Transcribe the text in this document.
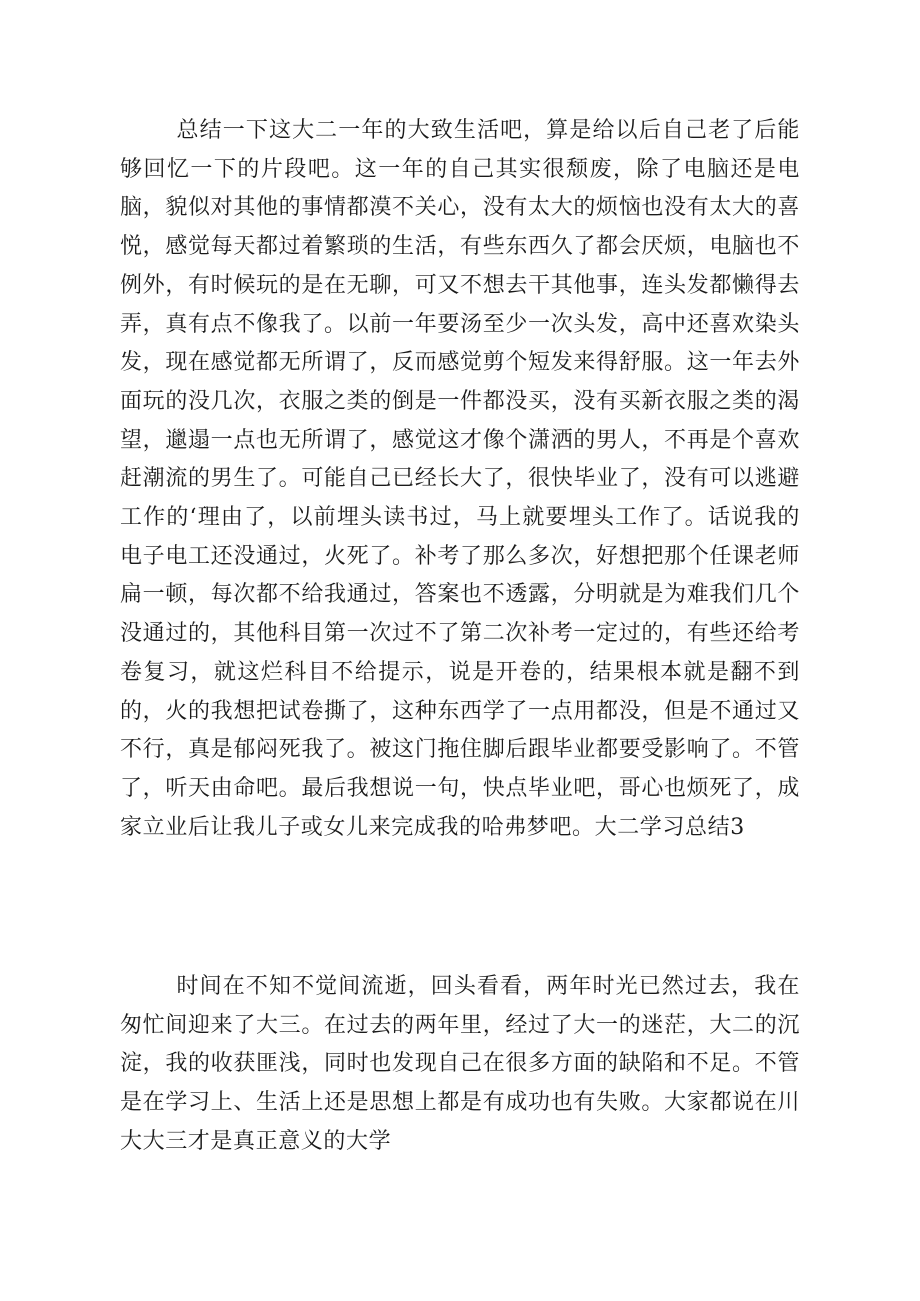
总结一下这大二一年的大致生活吧，算是给以后自己老了后能够回忆一下的片段吧。这一年的自己其实很颓废，除了电脑还是电脑，貌似对其他的事情都漠不关心，没有太大的烦恼也没有太大的喜悦，感觉每天都过着繁琐的生活，有些东西久了都会厌烦，电脑也不例外，有时候玩的是在无聊，可又不想去干其他事，连头发都懒得去弄，真有点不像我了。以前一年要汤至少一次头发，高中还喜欢染头发，现在感觉都无所谓了，反而感觉剪个短发来得舒服。这一年去外面玩的没几次，衣服之类的倒是一件都没买，没有买新衣服之类的渴望，邋遢一点也无所谓了，感觉这才像个潇洒的男人，不再是个喜欢赶潮流的男生了。可能自己已经长大了，很快毕业了，没有可以逃避工作的‘理由了，以前埋头读书过，马上就要埋头工作了。话说我的电子电工还没通过，火死了。补考了那么多次，好想把那个任课老师扁一顿，每次都不给我通过，答案也不透露，分明就是为难我们几个没通过的，其他科目第一次过不了第二次补考一定过的，有些还给考卷复习，就这烂科目不给提示，说是开卷的，结果根本就是翻不到的，火的我想把试卷撕了，这种东西学了一点用都没，但是不通过又不行，真是郁闷死我了。被这门拖住脚后跟毕业都要受影响了。不管了，听天由命吧。最后我想说一句，快点毕业吧，哥心也烦死了，成家立业后让我儿子或女儿来完成我的哈弗梦吧。大二学习总结3

时间在不知不觉间流逝，回头看看，两年时光已然过去，我在匆忙间迎来了大三。在过去的两年里，经过了大一的迷茫，大二的沉淀，我的收获匪浅，同时也发现自己在很多方面的缺陷和不足。不管是在学习上、生活上还是思想上都是有成功也有失败。大家都说在川大大三才是真正意义的大学
